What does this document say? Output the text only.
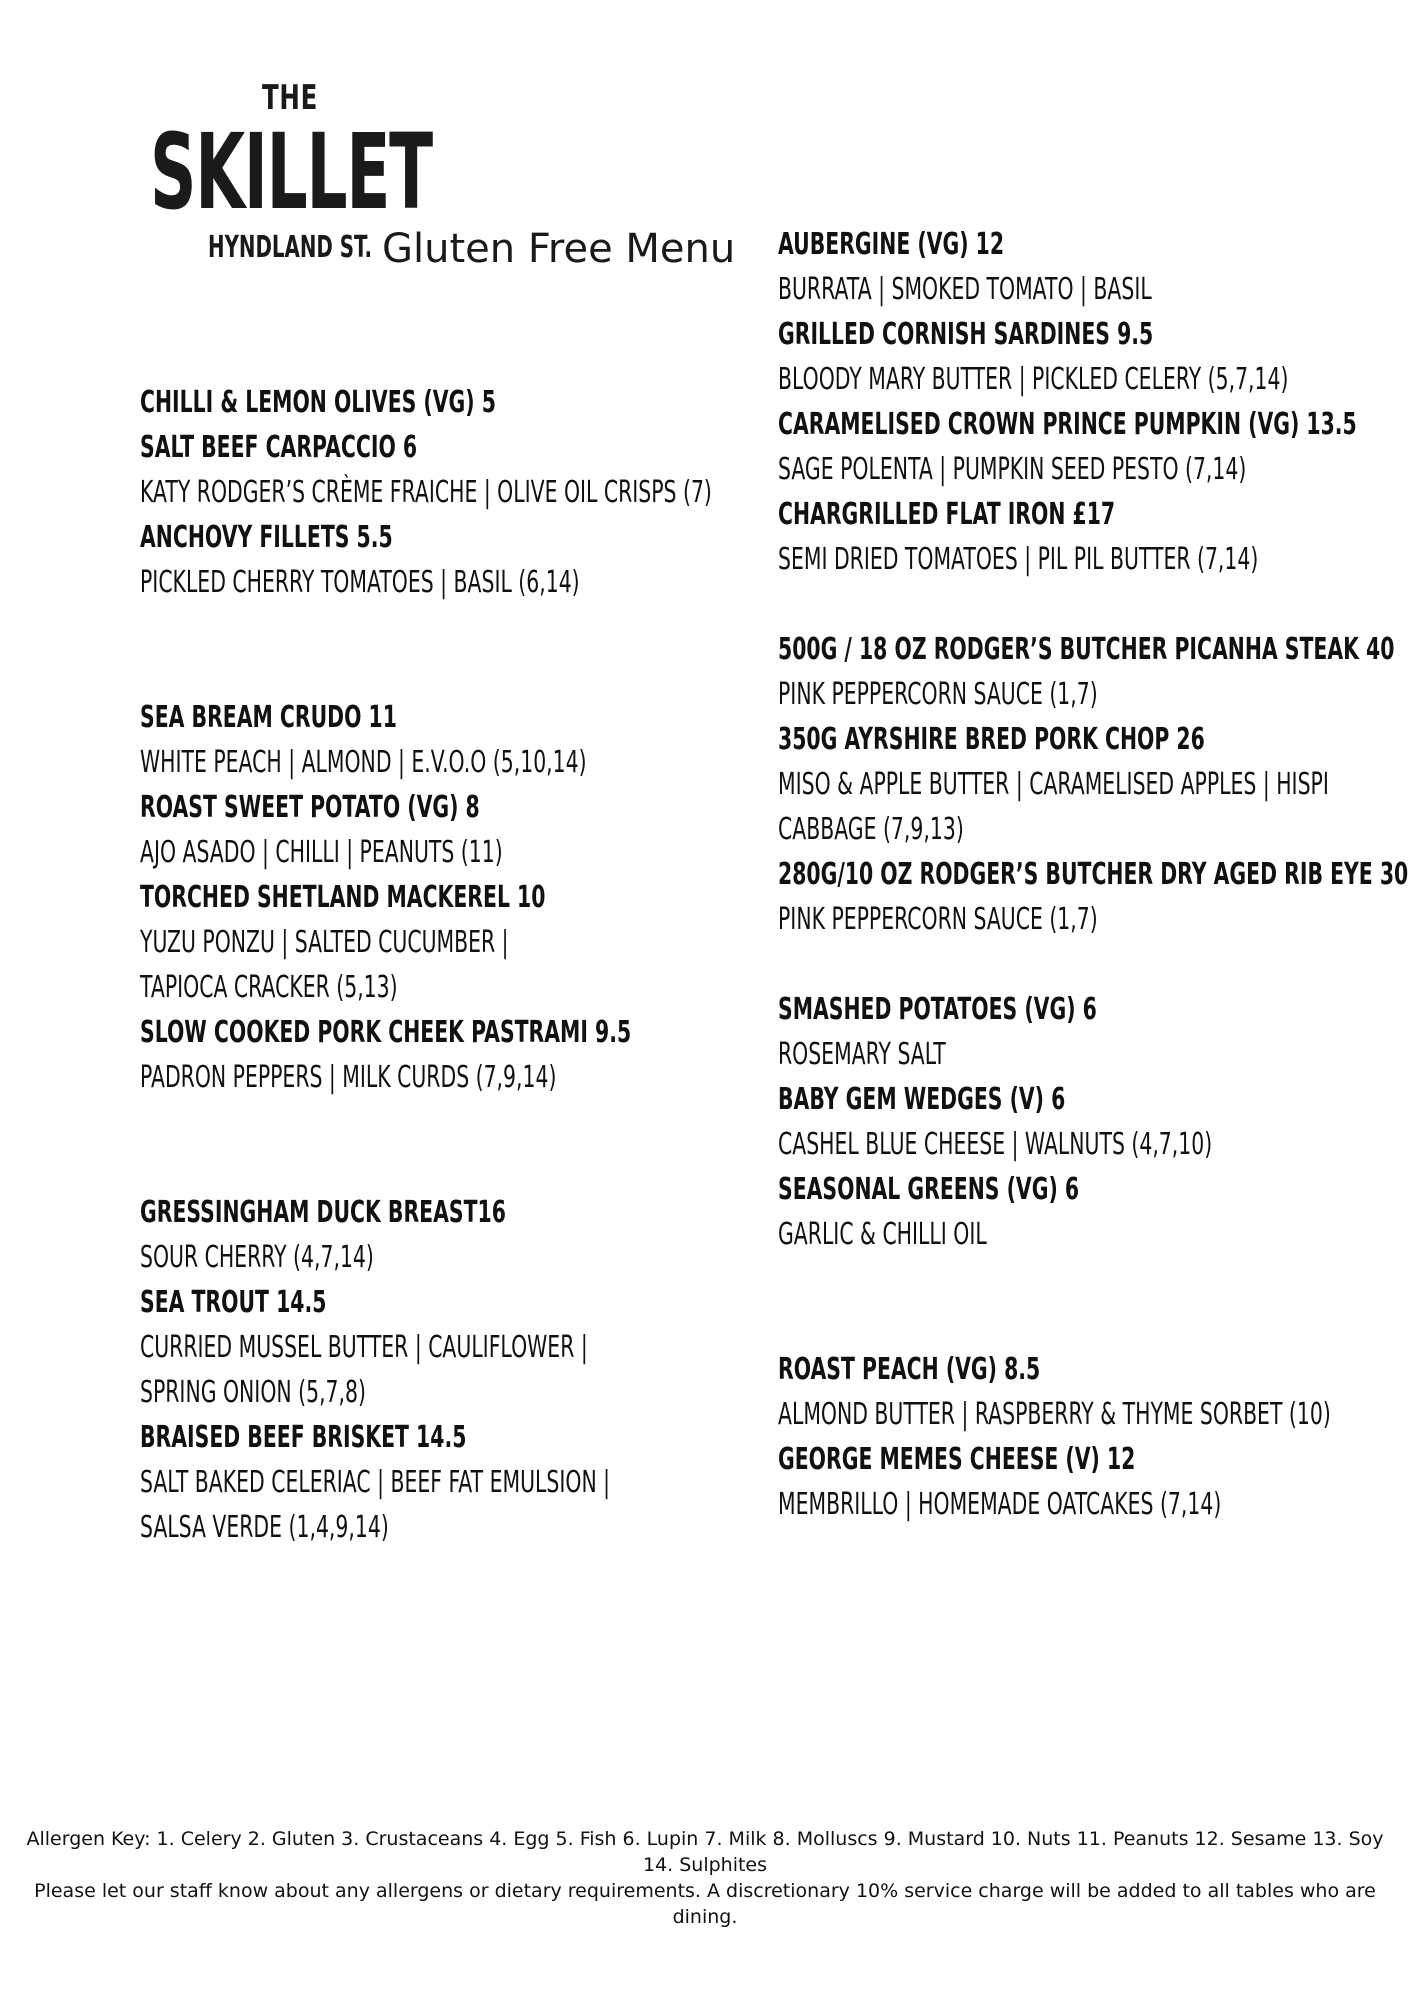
THE
SKILLET
HYNDLAND ST. Gluten Free Menu
CHILLI & LEMON OLIVES (VG) 5
SALT BEEF CARPACCIO 6
KATY RODGER’S CRÈME FRAICHE | OLIVE OIL CRISPS (7)
ANCHOVY FILLETS 5.5
PICKLED CHERRY TOMATOES | BASIL (6,14)
SEA BREAM CRUDO 11
WHITE PEACH | ALMOND | E.V.O.O (5,10,14)
ROAST SWEET POTATO (VG) 8
AJO ASADO | CHILLI | PEANUTS (11)
TORCHED SHETLAND MACKEREL 10
YUZU PONZU | SALTED CUCUMBER |
TAPIOCA CRACKER (5,13)
SLOW COOKED PORK CHEEK PASTRAMI 9.5
PADRON PEPPERS | MILK CURDS (7,9,14)
GRESSINGHAM DUCK BREAST16
SOUR CHERRY (4,7,14)
SEA TROUT 14.5
CURRIED MUSSEL BUTTER | CAULIFLOWER |
SPRING ONION (5,7,8)
BRAISED BEEF BRISKET 14.5
SALT BAKED CELERIAC | BEEF FAT EMULSION |
SALSA VERDE (1,4,9,14)
AUBERGINE (VG) 12
BURRATA | SMOKED TOMATO | BASIL
GRILLED CORNISH SARDINES 9.5
BLOODY MARY BUTTER | PICKLED CELERY (5,7,14)
CARAMELISED CROWN PRINCE PUMPKIN (VG) 13.5
SAGE POLENTA | PUMPKIN SEED PESTO (7,14)
CHARGRILLED FLAT IRON £17
SEMI DRIED TOMATOES | PIL PIL BUTTER (7,14)
500G / 18 OZ RODGER’S BUTCHER PICANHA STEAK 40
PINK PEPPERCORN SAUCE (1,7)
350G AYRSHIRE BRED PORK CHOP 26
MISO & APPLE BUTTER | CARAMELISED APPLES | HISPI
CABBAGE (7,9,13)
280G/10 OZ RODGER’S BUTCHER DRY AGED RIB EYE 30
PINK PEPPERCORN SAUCE (1,7)
SMASHED POTATOES (VG) 6
ROSEMARY SALT
BABY GEM WEDGES (V) 6
CASHEL BLUE CHEESE | WALNUTS (4,7,10)
SEASONAL GREENS (VG) 6
GARLIC & CHILLI OIL
ROAST PEACH (VG) 8.5
ALMOND BUTTER | RASPBERRY & THYME SORBET (10)
GEORGE MEMES CHEESE (V) 12
MEMBRILLO | HOMEMADE OATCAKES (7,14)
Allergen Key: 1. Celery 2. Gluten 3. Crustaceans 4. Egg 5. Fish 6. Lupin 7. Milk 8. Molluscs 9. Mustard 10. Nuts 11. Peanuts 12. Sesame 13. Soy 14. Sulphites
Please let our staff know about any allergens or dietary requirements. A discretionary 10% service charge will be added to all tables who are dining.
